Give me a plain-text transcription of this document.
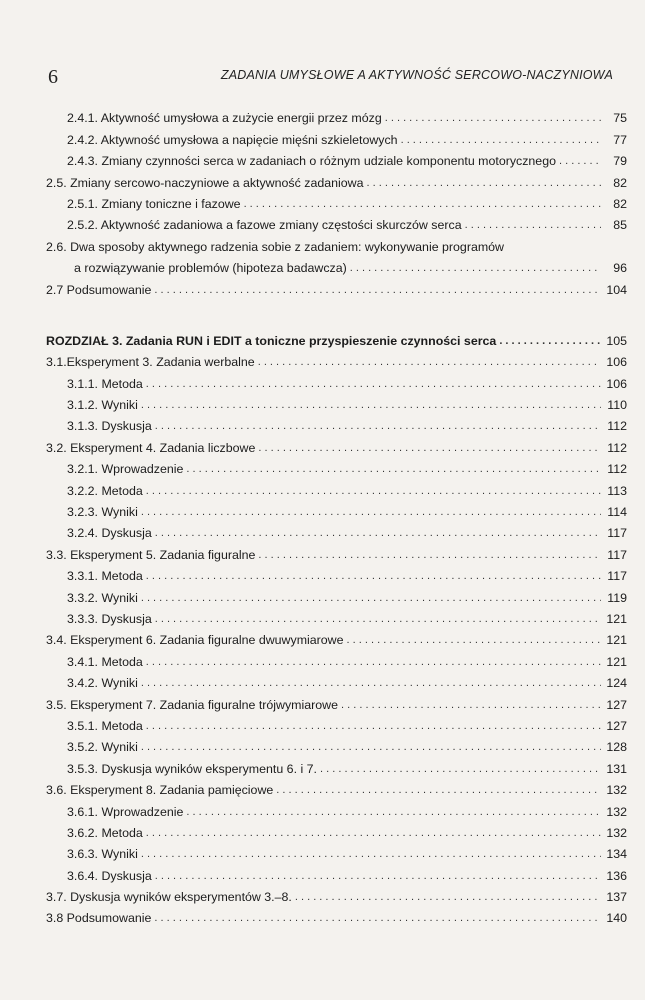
6	ZADANIA UMYSŁOWE A AKTYWNOŚĆ SERCOWO-NACZYNIOWA
2.4.1. Aktywność umysłowa a zużycie energii przez mózg . . .	75
2.4.2. Aktywność umysłowa a napięcie mięśni szkieletowych . . .	77
2.4.3. Zmiany czynności serca w zadaniach o różnym udziale komponentu motorycznego . . .	79
2.5. Zmiany sercowo-naczyniowe a aktywność zadaniowa . . .	82
2.5.1. Zmiany toniczne i fazowe . . .	82
2.5.2. Aktywność zadaniowa a fazowe zmiany częstości skurczów serca . . .	85
2.6. Dwa sposoby aktywnego radzenia sobie z zadaniem: wykonywanie programów
a rozwiązywanie problemów (hipoteza badawcza) . . .	96
2.7 Podsumowanie . . .	104
ROZDZIAŁ 3. Zadania RUN i EDIT a toniczne przyspieszenie czynności serca . . .	105
3.1.Eksperyment 3. Zadania werbalne . . .	106
3.1.1. Metoda . . .	106
3.1.2. Wyniki . . .	110
3.1.3. Dyskusja . . .	112
3.2. Eksperyment 4. Zadania liczbowe . . .	112
3.2.1. Wprowadzenie . . .	112
3.2.2. Metoda . . .	113
3.2.3. Wyniki . . .	114
3.2.4. Dyskusja . . .	117
3.3. Eksperyment 5. Zadania figuralne . . .	117
3.3.1. Metoda . . .	117
3.3.2. Wyniki . . .	119
3.3.3. Dyskusja . . .	121
3.4. Eksperyment 6. Zadania figuralne dwuwymiarowe . . .	121
3.4.1. Metoda . . .	121
3.4.2. Wyniki . . .	124
3.5. Eksperyment 7. Zadania figuralne trójwymiarowe . . .	127
3.5.1. Metoda . . .	127
3.5.2. Wyniki . . .	128
3.5.3. Dyskusja wyników eksperymentu 6. i 7. . . .	131
3.6. Eksperyment 8. Zadania pamięciowe . . .	132
3.6.1. Wprowadzenie . . .	132
3.6.2. Metoda . . .	132
3.6.3. Wyniki . . .	134
3.6.4. Dyskusja . . .	136
3.7. Dyskusja wyników eksperymentów 3.–8. . . .	137
3.8 Podsumowanie . . .	140
